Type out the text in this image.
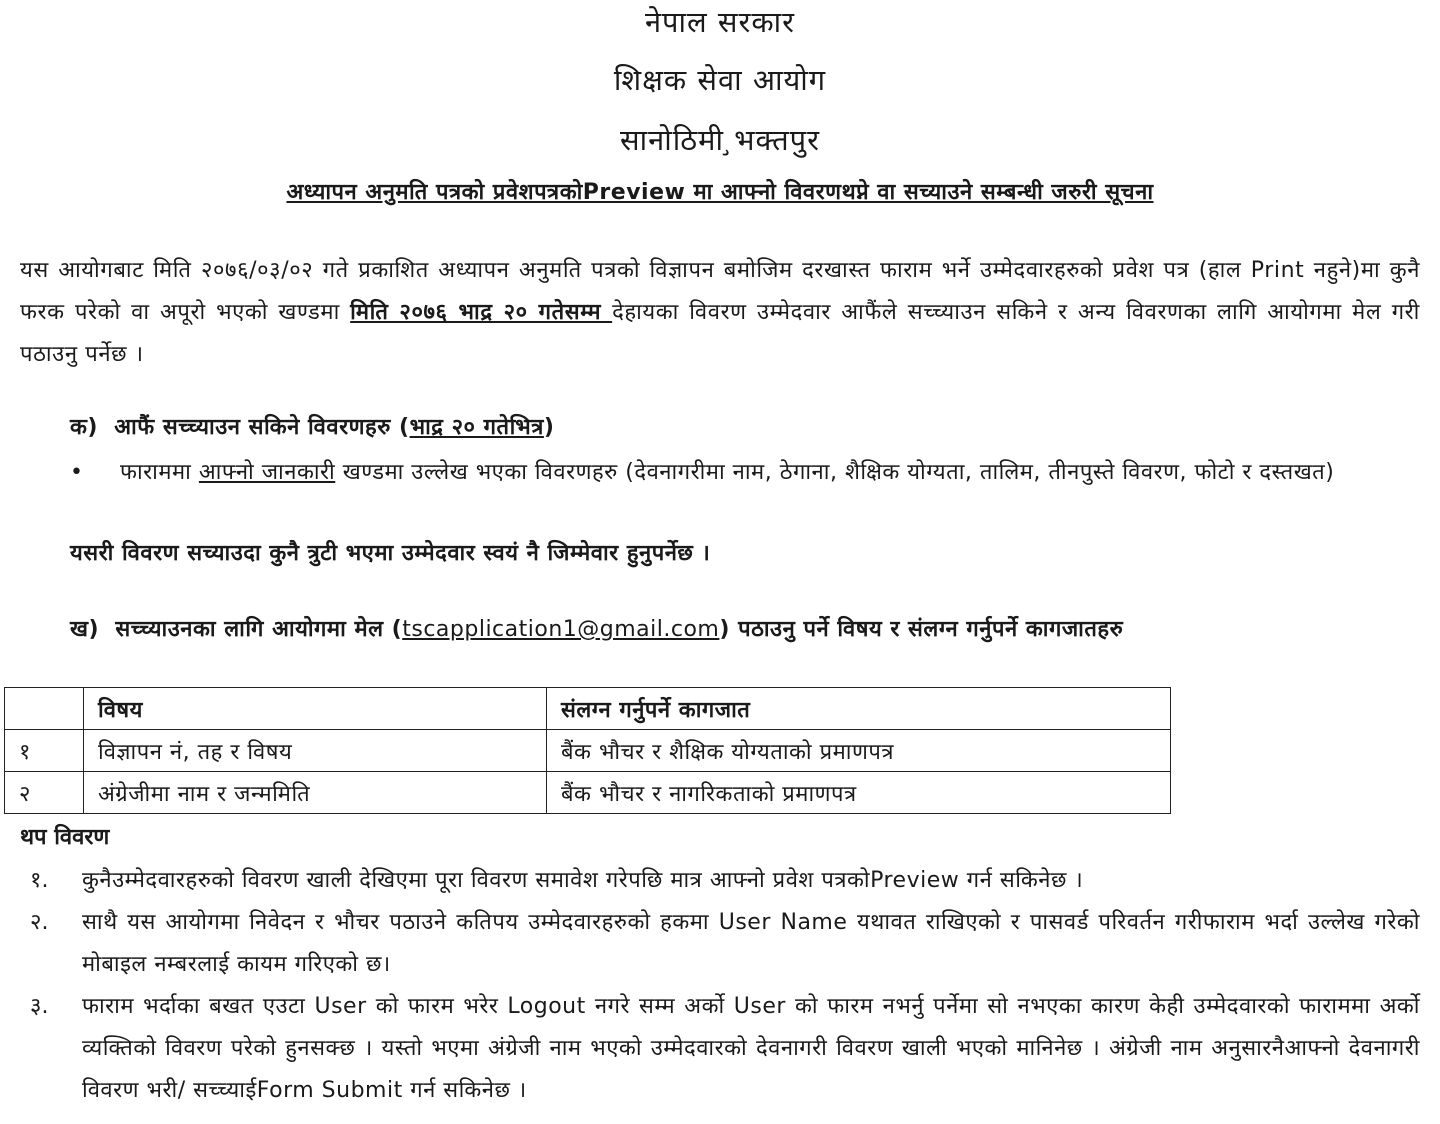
नेपाल सरकार
शिक्षक सेवा आयोग
सानोठिमी ̧भक्तपुर
अध्यापन अनुमति पत्रको प्रवेशपत्रकोPreview मा आफ्नो विवरणथप्ने वा सच्याउने सम्बन्धी जरुरी सूचना
यस आयोगबाट मिति २०७६/०३/०२ गते प्रकाशित अध्यापन अनुमति पत्रको विज्ञापन बमोजिम दरखास्त फाराम भर्ने उम्मेदवारहरुको प्रवेश पत्र (हाल Print नहुने)मा कुनै फरक परेको वा अपूरो भएको खण्डमा मिति २०७६ भाद्र २० गतेसम्म देहायका विवरण उम्मेदवार आफैंले सच्च्याउन सकिने र अन्य विवरणका लागि आयोगमा मेल गरी पठाउनु पर्नेछ ।
क) आफैं सच्च्याउन सकिने विवरणहरु (भाद्र २० गतेभित्र)
•	फाराममा आफ्नो जानकारी खण्डमा उल्लेख भएका विवरणहरु (देवनागरीमा नाम, ठेगाना, शैक्षिक योग्यता, तालिम, तीनपुस्ते विवरण, फोटो र दस्तखत)
यसरी विवरण सच्याउदा कुनै त्रुटी भएमा उम्मेदवार स्वयं नै जिम्मेवार हुनुपर्नेछ ।
ख) सच्च्याउनका लागि आयोगमा मेल (tscapplication1@gmail.com) पठाउनु पर्ने विषय र संलग्न गर्नुपर्ने कागजातहरु
	विषय	संलग्न गर्नुपर्ने कागजात
१	विज्ञापन नं, तह र विषय	बैंक भौचर र शैक्षिक योग्यताको प्रमाणपत्र
२	अंग्रेजीमा नाम र जन्ममिति	बैंक भौचर र नागरिकताको प्रमाणपत्र
थप विवरण
१.	कुनैउम्मेदवारहरुको विवरण खाली देखिएमा पूरा विवरण समावेश गरेपछि मात्र आफ्नो प्रवेश पत्रकोPreview गर्न सकिनेछ ।
२.	साथै यस आयोगमा निवेदन र भौचर पठाउने कतिपय उम्मेदवारहरुको हकमा User Name यथावत राखिएको र पासवर्ड परिवर्तन गरीफाराम भर्दा उल्लेख गरेको मोबाइल नम्बरलाई कायम गरिएको छ।
३.	फाराम भर्दाका बखत एउटा User को फारम भरेर Logout नगरे सम्म अर्को User को फारम नभर्नु पर्नेमा सो नभएका कारण केही उम्मेदवारको फाराममा अर्को व्यक्तिको विवरण परेको हुनसक्छ । यस्तो भएमा अंग्रेजी नाम भएको उम्मेदवारको देवनागरी विवरण खाली भएको मानिनेछ । अंग्रेजी नाम अनुसारनैआफ्नो देवनागरी विवरण भरी/ सच्च्याईForm Submit गर्न सकिनेछ ।
